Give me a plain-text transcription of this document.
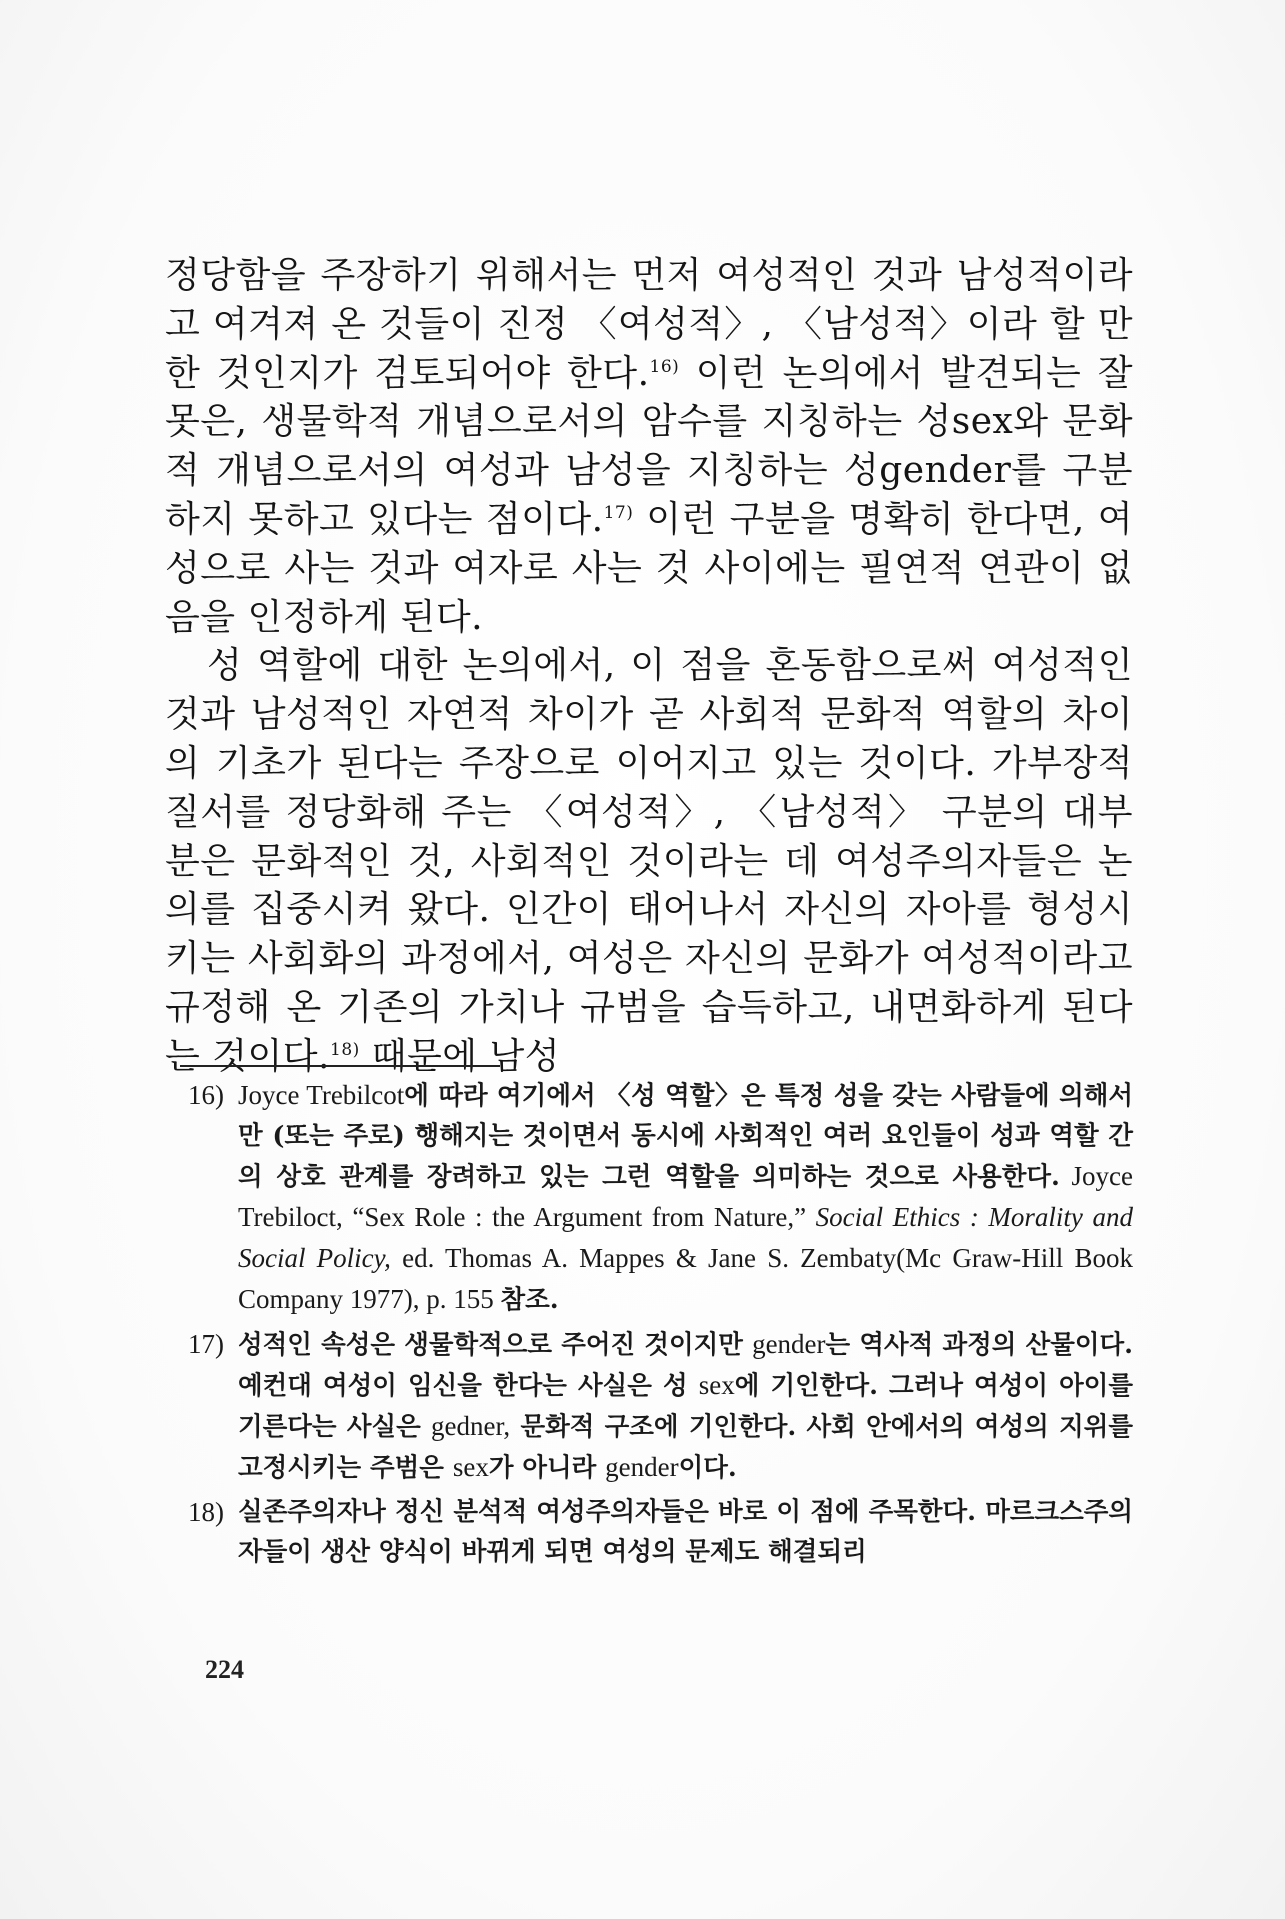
정당함을 주장하기 위해서는 먼저 여성적인 것과 남성적이라고 여겨져 온 것들이 진정 〈여성적〉, 〈남성적〉이라 할 만한 것인지가 검토되어야 한다.$^{16)}$ 이런 논의에서 발견되는 잘못은, 생물학적 개념으로서의 암수를 지칭하는 성sex와 문화적 개념으로서의 여성과 남성을 지칭하는 성gender를 구분하지 못하고 있다는 점이다.$^{17)}$ 이런 구분을 명확히 한다면, 여성으로 사는 것과 여자로 사는 것 사이에는 필연적 연관이 없음을 인정하게 된다.

성 역할에 대한 논의에서, 이 점을 혼동함으로써 여성적인 것과 남성적인 자연적 차이가 곧 사회적 문화적 역할의 차이의 기초가 된다는 주장으로 이어지고 있는 것이다. 가부장적 질서를 정당화해 주는 〈여성적〉, 〈남성적〉 구분의 대부분은 문화적인 것, 사회적인 것이라는 데 여성주의자들은 논의를 집중시켜 왔다. 인간이 태어나서 자신의 자아를 형성시키는 사회화의 과정에서, 여성은 자신의 문화가 여성적이라고 규정해 온 기존의 가치나 규범을 습득하고, 내면화하게 된다는 것이다.$^{18)}$ 때문에 남성

16) Joyce Trebilcot에 따라 여기에서 〈성 역할〉은 특정 성을 갖는 사람들에 의해서만 (또는 주로) 행해지는 것이면서 동시에 사회적인 여러 요인들이 성과 역할 간의 상호 관계를 장려하고 있는 그런 역할을 의미하는 것으로 사용한다. Joyce Trebiloct, “Sex Role : the Argument from Nature,” Social Ethics : Morality and Social Policy, ed. Thomas A. Mappes & Jane S. Zembaty(Mc Graw-Hill Book Company 1977), p. 155 참조.

17) 성적인 속성은 생물학적으로 주어진 것이지만 gender는 역사적 과정의 산물이다. 예컨대 여성이 임신을 한다는 사실은 성 sex에 기인한다. 그러나 여성이 아이를 기른다는 사실은 gedner, 문화적 구조에 기인한다. 사회 안에서의 여성의 지위를 고정시키는 주범은 sex가 아니라 gender이다.

18) 실존주의자나 정신 분석적 여성주의자들은 바로 이 점에 주목한다. 마르크스주의자들이 생산 양식이 바뀌게 되면 여성의 문제도 해결되리

224
